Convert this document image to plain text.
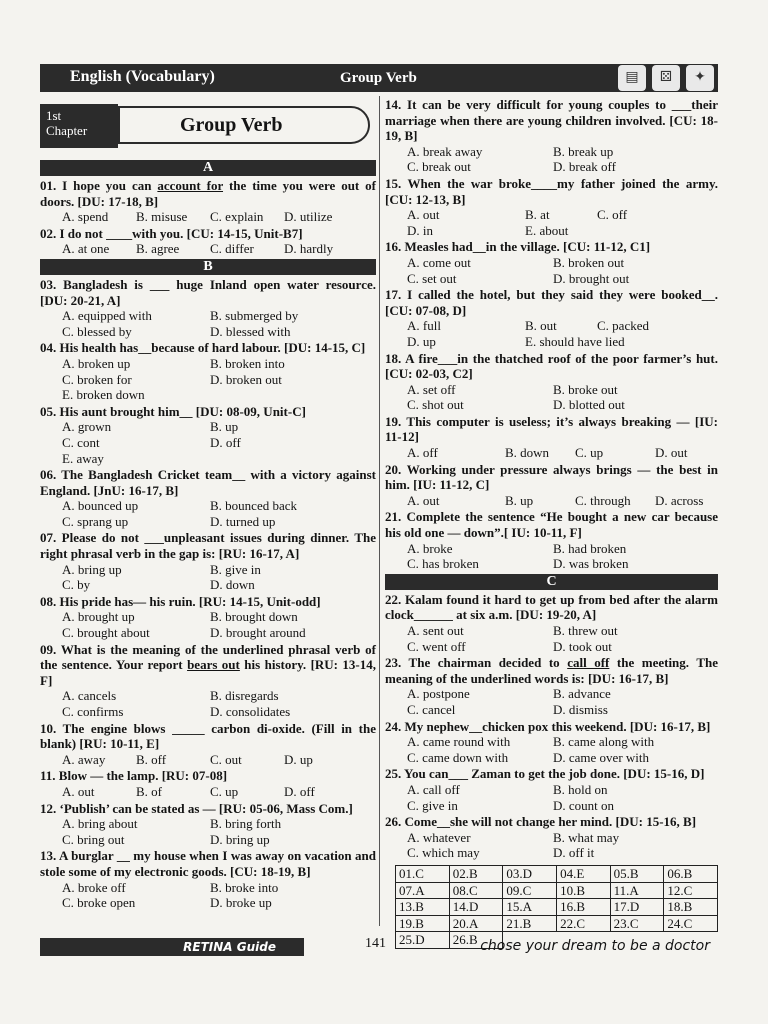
English (Vocabulary)	Group Verb	▤	⚄	✦
1st
Chapter	Group Verb
A
01. I hope you can account for the time you were out of doors. [DU: 17-18, B]
A. spend	B. misuse	C. explain	D. utilize
02. I do not ____with you. [CU: 14-15, Unit-B7]
A. at one	B. agree	C. differ	D. hardly
B
03. Bangladesh is ___ huge Inland open water resource. [DU: 20-21, A]
A. equipped with	B. submerged by
C. blessed by	D. blessed with
04. His health has__because of hard labour. [DU: 14-15, C]
A. broken up	B. broken into
C. broken for	D. broken out
E. broken down
05. His aunt brought him__ [DU: 08-09, Unit-C]
A. grown	B. up
C. cont	D. off
E. away
06. The Bangladesh Cricket team__ with a victory against England. [JnU: 16-17, B]
A. bounced up	B. bounced back
C. sprang up	D. turned up
07. Please do not ___unpleasant issues during dinner. The right phrasal verb in the gap is: [RU: 16-17, A]
A. bring up	B. give in
C. by	D. down
08. His pride has— his ruin. [RU: 14-15, Unit-odd]
A. brought up	B. brought down
C. brought about	D. brought around
09. What is the meaning of the underlined phrasal verb of the sentence. Your report bears out his history. [RU: 13-14, F]
A. cancels	B. disregards
C. confirms	D. consolidates
10. The engine blows _____ carbon di-oxide. (Fill in the blank) [RU: 10-11, E]
A. away	B. off	C. out	D. up
11. Blow — the lamp. [RU: 07-08]
A. out	B. of	C. up	D. off
12. ‘Publish’ can be stated as — [RU: 05-06, Mass Com.]
A. bring about	B. bring forth
C. bring out	D. bring up
13. A burglar __ my house when I was away on vacation and stole some of my electronic goods. [CU: 18-19, B]
A. broke off	B. broke into
C. broke open	D. broke up
14. It can be very difficult for young couples to ___their marriage when there are young children involved. [CU: 18-19, B]
A. break away	B. break up
C. break out	D. break off
15. When the war broke____my father joined the army. [CU: 12-13, B]
A. out	B. at	C. off
D. in	E. about
16. Measles had__in the village. [CU: 11-12, C1]
A. come out	B. broken out
C. set out	D. brought out
17. I called the hotel, but they said they were booked__. [CU: 07-08, D]
A. full	B. out	C. packed
D. up	E. should have lied
18. A fire___in the thatched roof of the poor farmer’s hut. [CU: 02-03, C2]
A. set off	B. broke out
C. shot out	D. blotted out
19. This computer is useless; it’s always breaking — [IU: 11-12]
A. off	B. down	C. up	D. out
20. Working under pressure always brings — the best in him. [IU: 11-12, C]
A. out	B. up	C. through	D. across
21. Complete the sentence “He bought a new car because his old one — down”.[ IU: 10-11, F]
A. broke	B. had broken
C. has broken	D. was broken
C
22. Kalam found it hard to get up from bed after the alarm clock______ at six a.m. [DU: 19-20, A]
A. sent out	B. threw out
C. went off	D. took out
23. The chairman decided to call off the meeting. The meaning of the underlined words is: [DU: 16-17, B]
A. postpone	B. advance
C. cancel	D. dismiss
24. My nephew__chicken pox this weekend. [DU: 16-17, B]
A. came round with	B. came along with
C. came down with	D. came over with
25. You can___ Zaman to get the job done. [DU: 15-16, D]
A. call off	B. hold on
C. give in	D. count on
26. Come__she will not change her mind. [DU: 15-16, B]
A. whatever	B. what may
C. which may	D. off it
01.C	02.B	03.D	04.E	05.B	06.B
07.A	08.C	09.C	10.B	11.A	12.C
13.B	14.D	15.A	16.B	17.D	18.B
19.B	20.A	21.B	22.C	23.C	24.C
25.D	26.B				
RETINA Guide	141	chose your dream to be a doctor
